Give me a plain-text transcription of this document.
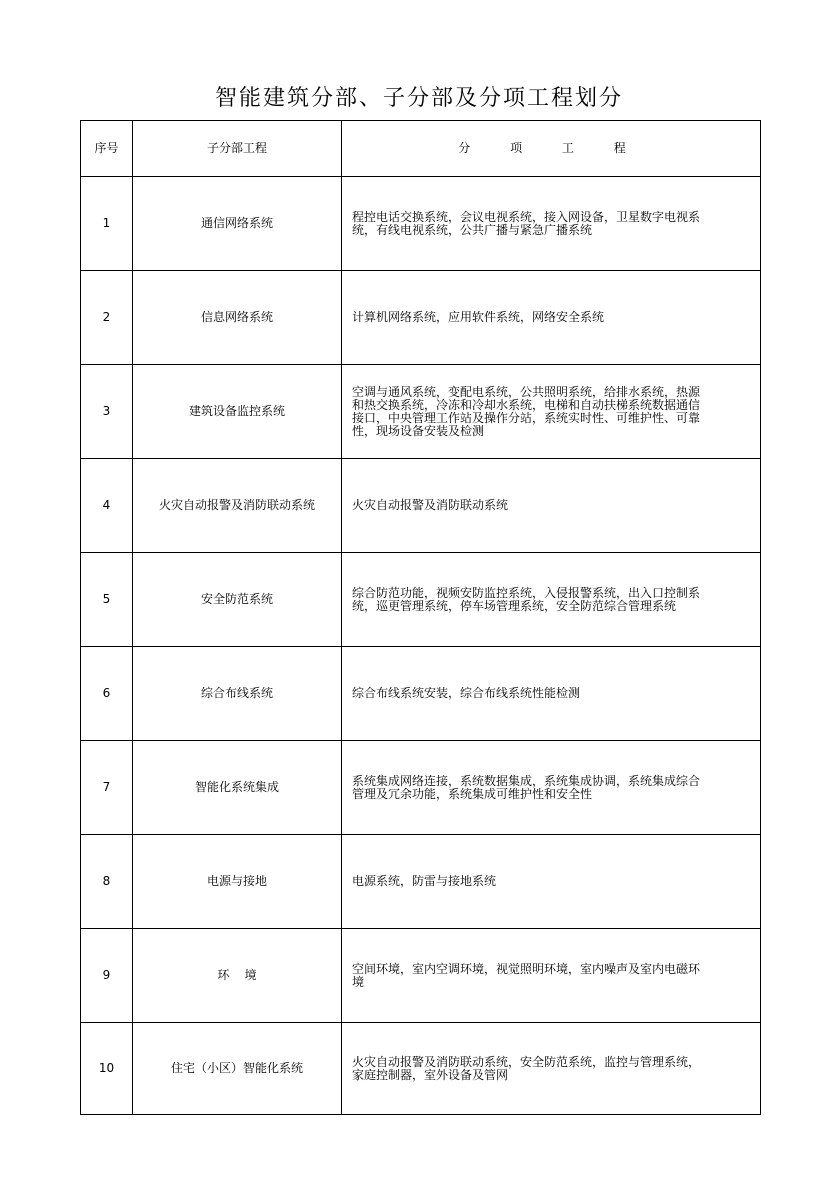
智能建筑分部、子分部及分项工程划分
序号	子分部工程	分 项 工 程
1	通信网络系统	程控电话交换系统，会议电视系统，接入网设备，卫星数字电视系统，有线电视系统，公共广播与紧急广播系统
2	信息网络系统	计算机网络系统，应用软件系统，网络安全系统
3	建筑设备监控系统	空调与通风系统，变配电系统，公共照明系统，给排水系统，热源和热交换系统，冷冻和冷却水系统，电梯和自动扶梯系统数据通信接口，中央管理工作站及操作分站，系统实时性、可维护性、可靠性，现场设备安装及检测
4	火灾自动报警及消防联动系统	火灾自动报警及消防联动系统
5	安全防范系统	综合防范功能，视频安防监控系统，入侵报警系统，出入口控制系统，巡更管理系统，停车场管理系统，安全防范综合管理系统
6	综合布线系统	综合布线系统安装，综合布线系统性能检测
7	智能化系统集成	系统集成网络连接，系统数据集成，系统集成协调，系统集成综合管理及冗余功能，系统集成可维护性和安全性
8	电源与接地	电源系统，防雷与接地系统
9	环    境	空间环境，室内空调环境，视觉照明环境，室内噪声及室内电磁环境
10	住宅（小区）智能化系统	火灾自动报警及消防联动系统，安全防范系统，监控与管理系统，家庭控制器，室外设备及管网
